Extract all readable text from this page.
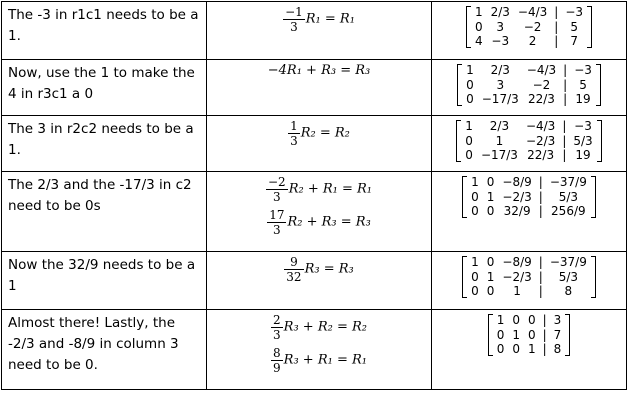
The -3 in r1c1 needs to be a 1.	
$\frac{-1}{3} R_1 = R_1$
		1	2/3	−4/3	|	−3
0	3	−2	|	5
4	−3	2	|	7

Now, use the 1 to make the 4 in r3c1 a 0	
−4R₁ + R₃ = R₃
		1	2/3	−4/3	|	−3
0	3	−2	|	5
0	−17/3	22/3	|	19

The 3 in r2c2 needs to be a 1.	
$\frac{1}{3} R_2 = R_2$
		1	2/3	−4/3	|	−3
0	1	−2/3	|	5/3
0	−17/3	22/3	|	19

The 2/3 and the -17/3 in c2 need to be 0s	
$\frac{-2}{3} R_2 + R_1 = R_1$
$\frac{17}{3} R_2 + R_3 = R_3$

1	0	−8/9	|	−37/9
0	1	−2/3	|	5/3
0	0	32/9	|	256/9

Now the 32/9 needs to be a 1	
$\frac{9}{32} R_3 = R_3$
		1	0	−8/9	|	−37/9
0	1	−2/3	|	5/3
0	0	1	|	8

Almost there! Lastly, the -2/3 and -8/9 in column 3 need to be 0.	
$\frac{2}{3} R_3 + R_2 = R_2$
$\frac{8}{9} R_3 + R_1 = R_1$

1	0	0	|	3
0	1	0	|	7
0	0	1	|	8
